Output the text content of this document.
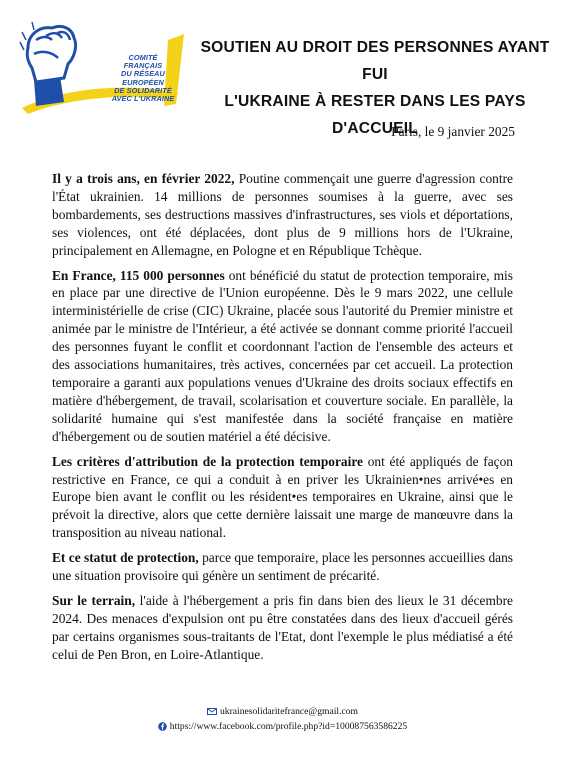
COMITÉ
FRANÇAIS
DU RÉSEAU
EUROPÉEN
DE SOLIDARITÉ
AVEC L'UKRAINE
SOUTIEN AU DROIT DES PERSONNES AYANT FUI
L'UKRAINE À RESTER DANS LES PAYS D'ACCUEIL
Paris, le 9 janvier 2025

Il y a trois ans, en février 2022, Poutine commençait une guerre d'agression contre l'État ukrainien. 14 millions de personnes soumises à la guerre, avec ses bombardements, ses destructions massives d'infrastructures, ses viols et déportations, ses violences, ont été déplacées, dont plus de 9 millions hors de l'Ukraine, principalement en Allemagne, en Pologne et en République Tchèque.

En France, 115 000 personnes ont bénéficié du statut de protection temporaire, mis en place par une directive de l'Union européenne. Dès le 9 mars 2022, une cellule interministérielle de crise (CIC) Ukraine, placée sous l'autorité du Premier ministre et animée par le ministre de l'Intérieur, a été activée se donnant comme priorité l'accueil des personnes fuyant le conflit et coordonnant l'action de l'ensemble des acteurs et des associations humanitaires, très actives, concernées par cet accueil. La protection temporaire a garanti aux populations venues d'Ukraine des droits sociaux effectifs en matière d'hébergement, de travail, scolarisation et couverture sociale. En parallèle, la solidarité humaine qui s'est manifestée dans la société française en matière d'hébergement ou de soutien matériel a été décisive.

Les critères d'attribution de la protection temporaire ont été appliqués de façon restrictive en France, ce qui a conduit à en priver les Ukrainien•nes arrivé•es en Europe bien avant le conflit ou les résident•es temporaires en Ukraine, ainsi que le prévoit la directive, alors que cette dernière laissait une marge de manœuvre dans la transposition au niveau national.

Et ce statut de protection, parce que temporaire, place les personnes accueillies dans une situation provisoire qui génère un sentiment de précarité.

Sur le terrain, l'aide à l'hébergement a pris fin dans bien des lieux le 31 décembre 2024. Des menaces d'expulsion ont pu être constatées dans des lieux d'accueil gérés par certains organismes sous-traitants de l'Etat, dont l'exemple le plus médiatisé a été celui de Pen Bron, en Loire-Atlantique.

ukrainesolidaritefrance@gmail.com
https://www.facebook.com/profile.php?id=100087563586225
